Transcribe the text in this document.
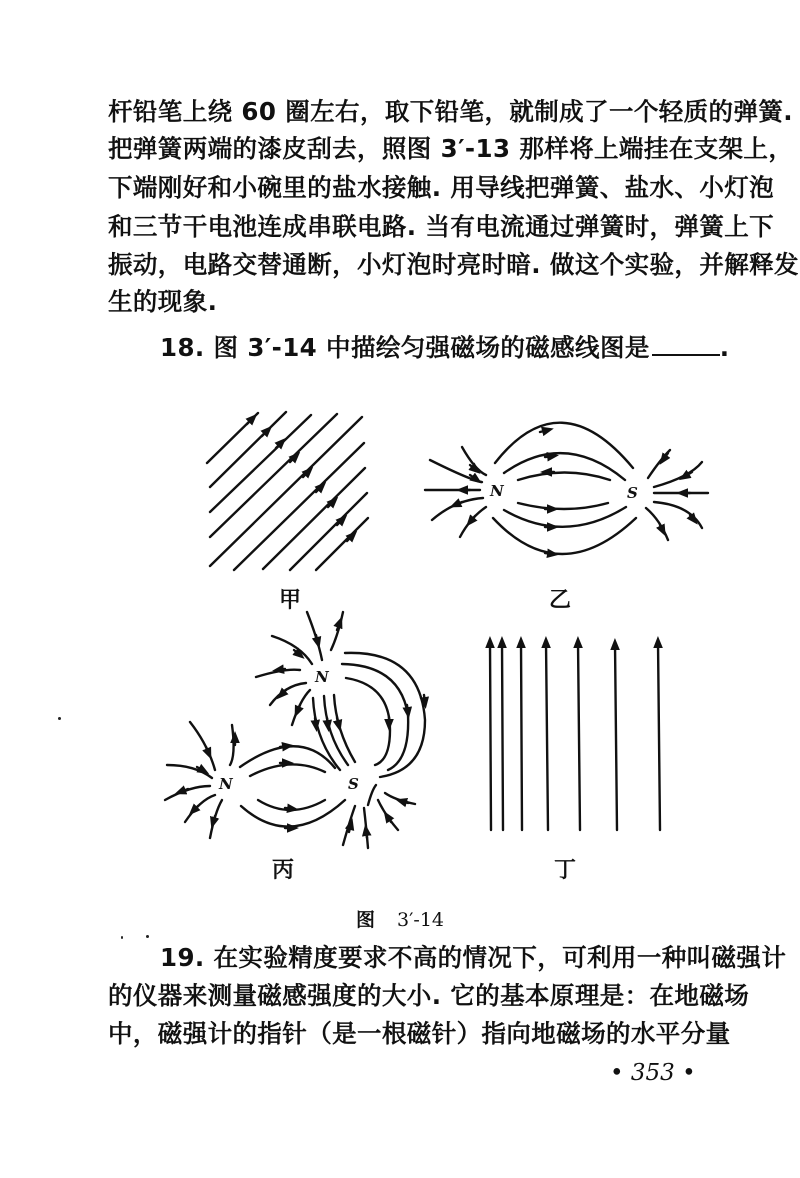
杆铅笔上绕 60 圈左右，取下铅笔，就制成了一个轻质的弹簧.
把弹簧两端的漆皮刮去，照图 3′-13 那样将上端挂在支架上，
下端刚好和小碗里的盐水接触. 用导线把弹簧、盐水、小灯泡
和三节干电池连成串联电路. 当有电流通过弹簧时，弹簧上下
振动，电路交替通断，小灯泡时亮时暗. 做这个实验，并解释发
生的现象.
18. 图 3′-14 中描绘匀强磁场的磁感线图是	.
N	S
N
N	S
甲	乙
丙	丁
图 3′-14
19. 在实验精度要求不高的情况下，可利用一种叫磁强计
的仪器来测量磁感强度的大小. 它的基本原理是：在地磁场
中，磁强计的指针（是一根磁针）指向地磁场的水平分量
• 353 •
